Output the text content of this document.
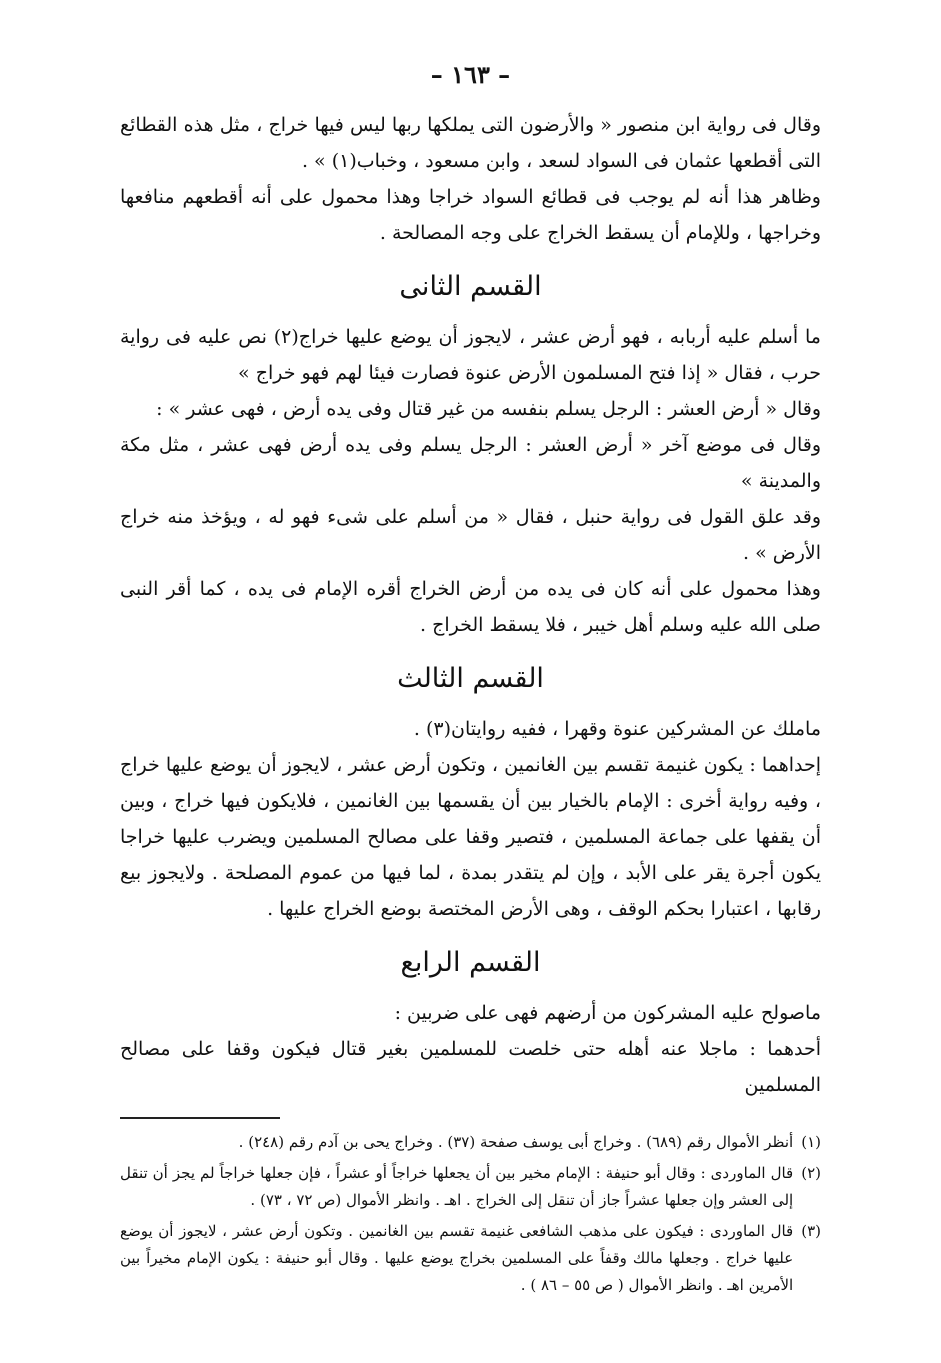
– ١٦٣ –

وقال فى رواية ابن منصور « والأرضون التى يملكها ربها ليس فيها خراج ، مثل هذه القطائع التى أقطعها عثمان فى السواد لسعد ، وابن مسعود ، وخباب(١) » .

وظاهر هذا أنه لم يوجب فى قطائع السواد خراجا وهذا محمول على أنه أقطعهم منافعها وخراجها ، وللإمام أن يسقط الخراج على وجه المصالحة .

القسم الثانى

ما أسلم عليه أربابه ، فهو أرض عشر ، لايجوز أن يوضع عليها خراج(٢) نص عليه فى رواية حرب ، فقال « إذا فتح المسلمون الأرض عنوة فصارت فيئا لهم فهو خراج »

وقال « أرض العشر : الرجل يسلم بنفسه من غير قتال وفى يده أرض ، فهى عشر » :

وقال فى موضع آخر « أرض العشر : الرجل يسلم وفى يده أرض فهى عشر ، مثل مكة والمدينة »

وقد علق القول فى رواية حنبل ، فقال « من أسلم على شىء فهو له ، ويؤخذ منه خراج الأرض » .

وهذا محمول على أنه كان فى يده من أرض الخراج أقره الإمام فى يده ، كما أقر النبى صلى الله عليه وسلم أهل خيبر ، فلا يسقط الخراج .

القسم الثالث

ماملك عن المشركين عنوة وقهرا ، ففيه روايتان(٣) .

إحداهما : يكون غنيمة تقسم بين الغانمين ، وتكون أرض عشر ، لايجوز أن يوضع عليها خراج ، وفيه رواية أخرى : الإمام بالخيار بين أن يقسمها بين الغانمين ، فلايكون فيها خراج ، وبين أن يقفها على جماعة المسلمين ، فتصير وقفا على مصالح المسلمين ويضرب عليها خراجا يكون أجرة يقر على الأبد ، وإن لم يتقدر بمدة ، لما فيها من عموم المصلحة . ولايجوز بيع رقابها ، اعتبارا بحكم الوقف ، وهى الأرض المختصة بوضع الخراج عليها .

القسم الرابع

ماصولح عليه المشركون من أرضهم فهى على ضربين :

أحدهما : ماجلا عنه أهله حتى خلصت للمسلمين بغير قتال فيكون وقفا على مصالح المسلمين

(١)
أنظر الأموال رقم (٦٨٩) . وخراج أبى يوسف صفحة (٣٧) . وخراج يحى بن آدم رقم (٢٤٨) .
(٢)
قال الماوردى : وقال أبو حنيفة : الإمام مخير بين أن يجعلها خراجاً أو عشراً ، فإن جعلها خراجاً لم يجز أن تنقل إلى العشر وإن جعلها عشراً جاز أن تنقل إلى الخراج . اهـ . وانظر الأموال (ص ٧٢ ، ٧٣) .
(٣)
قال الماوردى : فيكون على مذهب الشافعى غنيمة تقسم بين الغانمين . وتكون أرض عشر ، لايجوز أن يوضع عليها خراج . وجعلها مالك وقفاً على المسلمين بخراج يوضع عليها . وقال أبو حنيفة : يكون الإمام مخيراً بين الأمرين اهـ . وانظر الأموال ( ص ٥٥ – ٨٦ ) .
